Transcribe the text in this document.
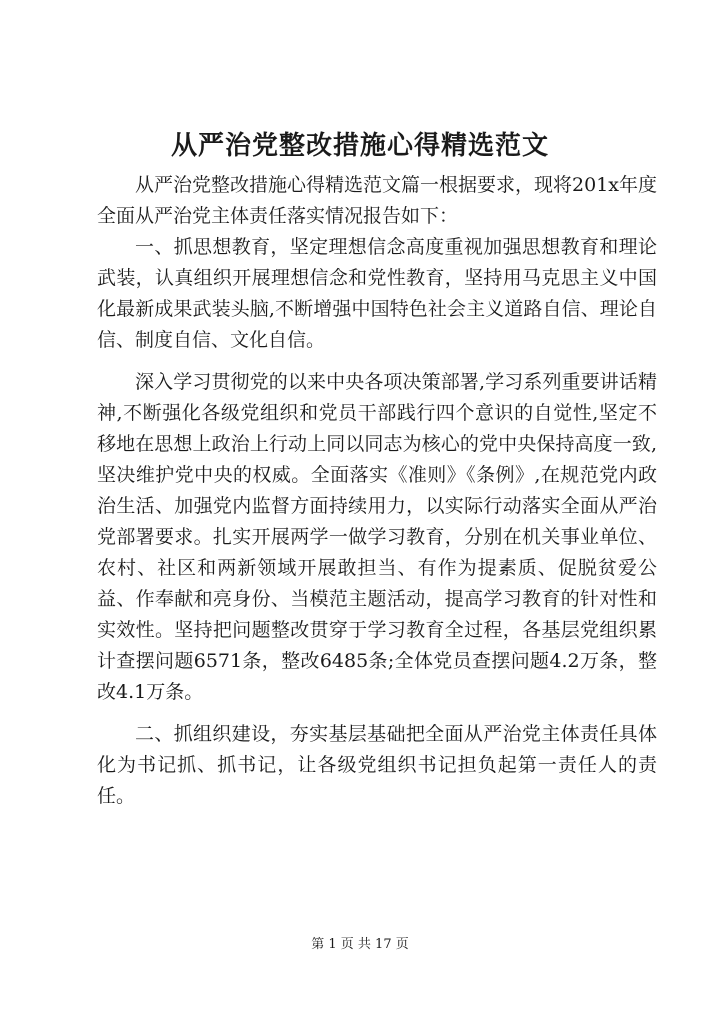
从严治党整改措施心得精选范文

从严治党整改措施心得精选范文篇一根据要求，现将201x年度全面从严治党主体责任落实情况报告如下：

一、抓思想教育，坚定理想信念高度重视加强思想教育和理论武装，认真组织开展理想信念和党性教育，坚持用马克思主义中国化最新成果武装头脑,不断增强中国特色社会主义道路自信、理论自信、制度自信、文化自信。

深入学习贯彻党的以来中央各项决策部署,学习系列重要讲话精神,不断强化各级党组织和党员干部践行四个意识的自觉性,坚定不移地在思想上政治上行动上同以同志为核心的党中央保持高度一致,坚决维护党中央的权威。全面落实《准则》《条例》,在规范党内政治生活、加强党内监督方面持续用力，以实际行动落实全面从严治党部署要求。扎实开展两学一做学习教育，分别在机关事业单位、农村、社区和两新领域开展敢担当、有作为提素质、促脱贫爱公益、作奉献和亮身份、当模范主题活动，提高学习教育的针对性和实效性。坚持把问题整改贯穿于学习教育全过程，各基层党组织累计查摆问题6571条，整改6485条;全体党员查摆问题4.2万条，整改4.1万条。

二、抓组织建设，夯实基层基础把全面从严治党主体责任具体化为书记抓、抓书记，让各级党组织书记担负起第一责任人的责任。

第 1 页 共 17 页
